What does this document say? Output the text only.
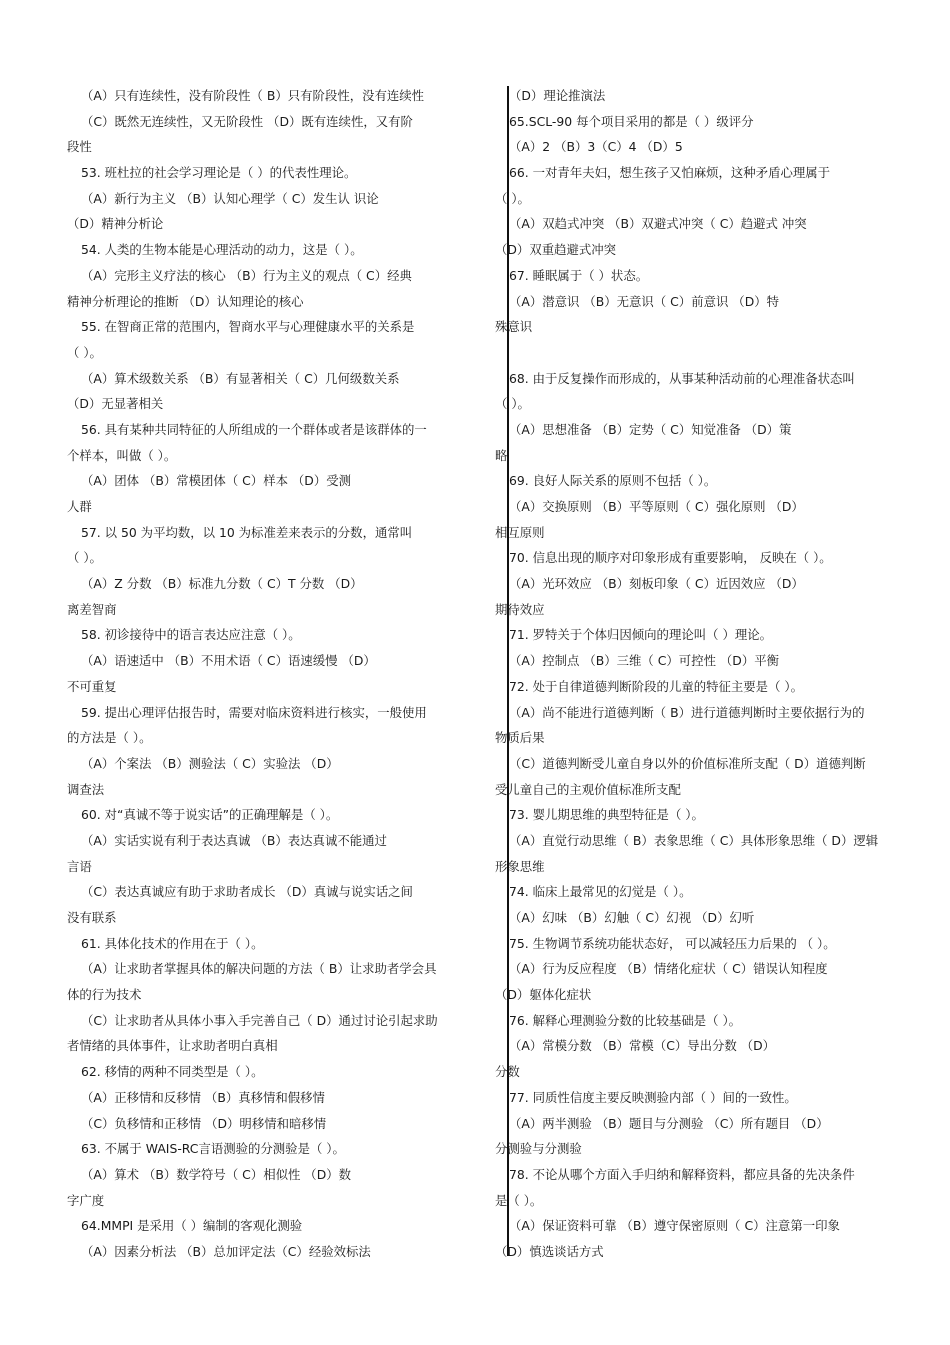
（A）只有连续性，没有阶段性（ B）只有阶段性，没有连续性
（C）既然无连续性，又无阶段性 （D）既有连续性，又有阶
段性
53. 班杜拉的社会学习理论是（ ）的代表性理论。
（A）新行为主义 （B）认知心理学（ C）发生认 识论
（D）精神分析论
54. 人类的生物本能是心理活动的动力，这是（ ）。
（A）完形主义疗法的核心 （B）行为主义的观点（ C）经典
精神分析理论的推断 （D）认知理论的核心
55. 在智商正常的范围内，智商水平与心理健康水平的关系是
（ ）。
（A）算术级数关系 （B）有显著相关（ C）几何级数关系
（D）无显著相关
56. 具有某种共同特征的人所组成的一个群体或者是该群体的一
个样本，叫做（ ）。
（A）团体 （B）常模团体（ C）样本 （D）受测
人群
57. 以 50 为平均数，以 10 为标准差来表示的分数，通常叫
（ ）。
（A）Z 分数 （B）标准九分数（ C）T 分数 （D）
离差智商
58. 初诊接待中的语言表达应注意（ ）。
（A）语速适中 （B）不用术语（ C）语速缓慢 （D）
不可重复
59. 提出心理评估报告时，需要对临床资料进行核实，一般使用
的方法是（ ）。
（A）个案法 （B）测验法（ C）实验法 （D）
调查法
60. 对“真诚不等于说实话”的正确理解是（ ）。
（A）实话实说有利于表达真诚 （B）表达真诚不能通过
言语
（C）表达真诚应有助于求助者成长 （D）真诚与说实话之间
没有联系
61. 具体化技术的作用在于（ ）。
（A）让求助者掌握具体的解决问题的方法（ B）让求助者学会具
体的行为技术
（C）让求助者从具体小事入手完善自己（ D）通过讨论引起求助
者情绪的具体事件，让求助者明白真相
62. 移情的两种不同类型是（ ）。
（A）正移情和反移情 （B）真移情和假移情
（C）负移情和正移情 （D）明移情和暗移情
63. 不属于 WAIS-RC言语测验的分测验是（ ）。
（A）算术 （B）数学符号（ C）相似性 （D）数
字广度
64.MMPI 是采用（ ）编制的客观化测验
（A）因素分析法 （B）总加评定法（C）经验效标法
（D）理论推演法
65.SCL-90 每个项目采用的都是（ ）级评分
（A）2 （B）3（C）4 （D）5
66. 一对青年夫妇，想生孩子又怕麻烦，这种矛盾心理属于
（ ）。
（A）双趋式冲突 （B）双避式冲突（ C）趋避式 冲突
（D）双重趋避式冲突
67. 睡眠属于（ ）状态。
（A）潜意识 （B）无意识（ C）前意识 （D）特
殊意识
68. 由于反复操作而形成的，从事某种活动前的心理准备状态叫
（ ）。
（A）思想准备 （B）定势（ C）知觉准备 （D）策
略
69. 良好人际关系的原则不包括（ ）。
（A）交换原则 （B）平等原则（ C）强化原则 （D）
相互原则
70. 信息出现的顺序对印象形成有重要影响， 反映在（ ）。
（A）光环效应 （B）刻板印象（ C）近因效应 （D）
期待效应
71. 罗特关于个体归因倾向的理论叫（ ）理论。
（A）控制点 （B）三维（ C）可控性 （D）平衡
72. 处于自律道德判断阶段的儿童的特征主要是（ ）。
（A）尚不能进行道德判断（ B）进行道德判断时主要依据行为的
物质后果
（C）道德判断受儿童自身以外的价值标准所支配（ D）道德判断
受儿童自己的主观价值标准所支配
73. 婴儿期思维的典型特征是（ ）。
（A）直觉行动思维（ B）表象思维（ C）具体形象思维（ D）逻辑
形象思维
74. 临床上最常见的幻觉是（ ）。
（A）幻味 （B）幻触（ C）幻视 （D）幻听
75. 生物调节系统功能状态好， 可以减轻压力后果的 （ ）。
（A）行为反应程度 （B）情绪化症状（ C）错误认知程度
（D）躯体化症状
76. 解释心理测验分数的比较基础是（ ）。
（A）常模分数 （B）常模（C）导出分数 （D）
分数
77. 同质性信度主要反映测验内部（ ）间的一致性。
（A）两半测验 （B）题目与分测验 （C）所有题目 （D）
分测验与分测验
78. 不论从哪个方面入手归纳和解释资料，都应具备的先决条件
是（ ）。
（A）保证资料可靠 （B）遵守保密原则（ C）注意第一印象
（D）慎选谈话方式
